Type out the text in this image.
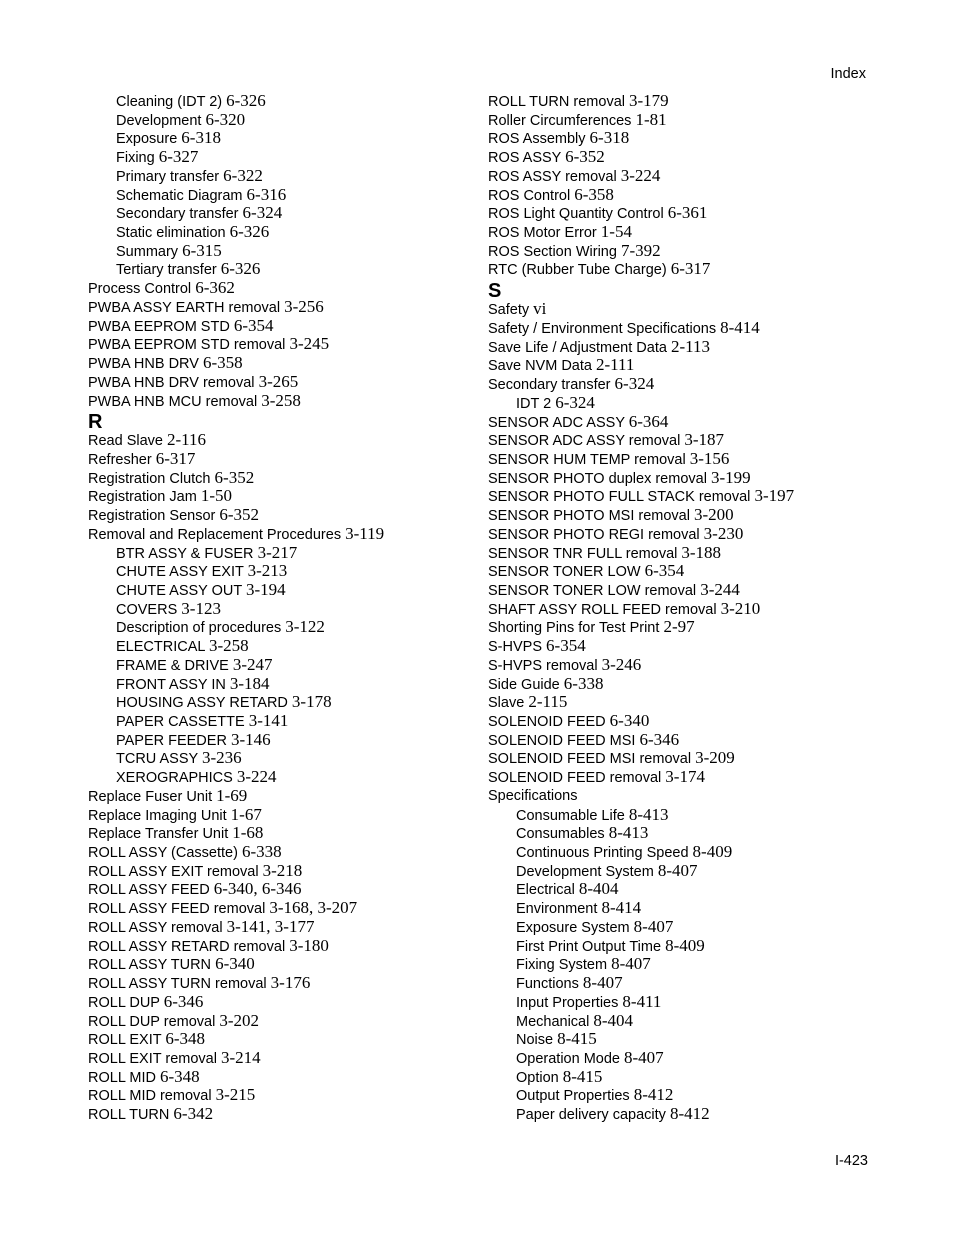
Index
Cleaning (IDT 2) 6-326
Development 6-320
Exposure 6-318
Fixing 6-327
Primary transfer 6-322
Schematic Diagram 6-316
Secondary transfer 6-324
Static elimination 6-326
Summary 6-315
Tertiary transfer 6-326
Process Control 6-362
PWBA ASSY EARTH removal 3-256
PWBA EEPROM STD 6-354
PWBA EEPROM STD removal 3-245
PWBA HNB DRV 6-358
PWBA HNB DRV removal 3-265
PWBA HNB MCU removal 3-258
R
Read Slave 2-116
Refresher 6-317
Registration Clutch 6-352
Registration Jam 1-50
Registration Sensor 6-352
Removal and Replacement Procedures 3-119
BTR ASSY & FUSER 3-217
CHUTE ASSY EXIT 3-213
CHUTE ASSY OUT 3-194
COVERS 3-123
Description of procedures 3-122
ELECTRICAL 3-258
FRAME & DRIVE 3-247
FRONT ASSY IN 3-184
HOUSING ASSY RETARD 3-178
PAPER CASSETTE 3-141
PAPER FEEDER 3-146
TCRU ASSY 3-236
XEROGRAPHICS 3-224
Replace Fuser Unit 1-69
Replace Imaging Unit 1-67
Replace Transfer Unit 1-68
ROLL ASSY (Cassette) 6-338
ROLL ASSY EXIT removal 3-218
ROLL ASSY FEED 6-340, 6-346
ROLL ASSY FEED removal 3-168, 3-207
ROLL ASSY removal 3-141, 3-177
ROLL ASSY RETARD removal 3-180
ROLL ASSY TURN 6-340
ROLL ASSY TURN removal 3-176
ROLL DUP 6-346
ROLL DUP removal 3-202
ROLL EXIT 6-348
ROLL EXIT removal 3-214
ROLL MID 6-348
ROLL MID removal 3-215
ROLL TURN 6-342
ROLL TURN removal 3-179
Roller Circumferences 1-81
ROS Assembly 6-318
ROS ASSY 6-352
ROS ASSY removal 3-224
ROS Control 6-358
ROS Light Quantity Control 6-361
ROS Motor Error 1-54
ROS Section Wiring 7-392
RTC (Rubber Tube Charge) 6-317
S
Safety vi
Safety / Environment Specifications 8-414
Save Life / Adjustment Data 2-113
Save NVM Data 2-111
Secondary transfer 6-324
IDT 2 6-324
SENSOR ADC ASSY 6-364
SENSOR ADC ASSY removal 3-187
SENSOR HUM TEMP removal 3-156
SENSOR PHOTO duplex removal 3-199
SENSOR PHOTO FULL STACK removal 3-197
SENSOR PHOTO MSI removal 3-200
SENSOR PHOTO REGI removal 3-230
SENSOR TNR FULL removal 3-188
SENSOR TONER LOW 6-354
SENSOR TONER LOW removal 3-244
SHAFT ASSY ROLL FEED removal 3-210
Shorting Pins for Test Print 2-97
S-HVPS 6-354
S-HVPS removal 3-246
Side Guide 6-338
Slave 2-115
SOLENOID FEED 6-340
SOLENOID FEED MSI 6-346
SOLENOID FEED MSI removal 3-209
SOLENOID FEED removal 3-174
Specifications
Consumable Life 8-413
Consumables 8-413
Continuous Printing Speed 8-409
Development System 8-407
Electrical 8-404
Environment 8-414
Exposure System 8-407
First Print Output Time 8-409
Fixing System 8-407
Functions 8-407
Input Properties 8-411
Mechanical 8-404
Noise 8-415
Operation Mode 8-407
Option 8-415
Output Properties 8-412
Paper delivery capacity 8-412
I-423
